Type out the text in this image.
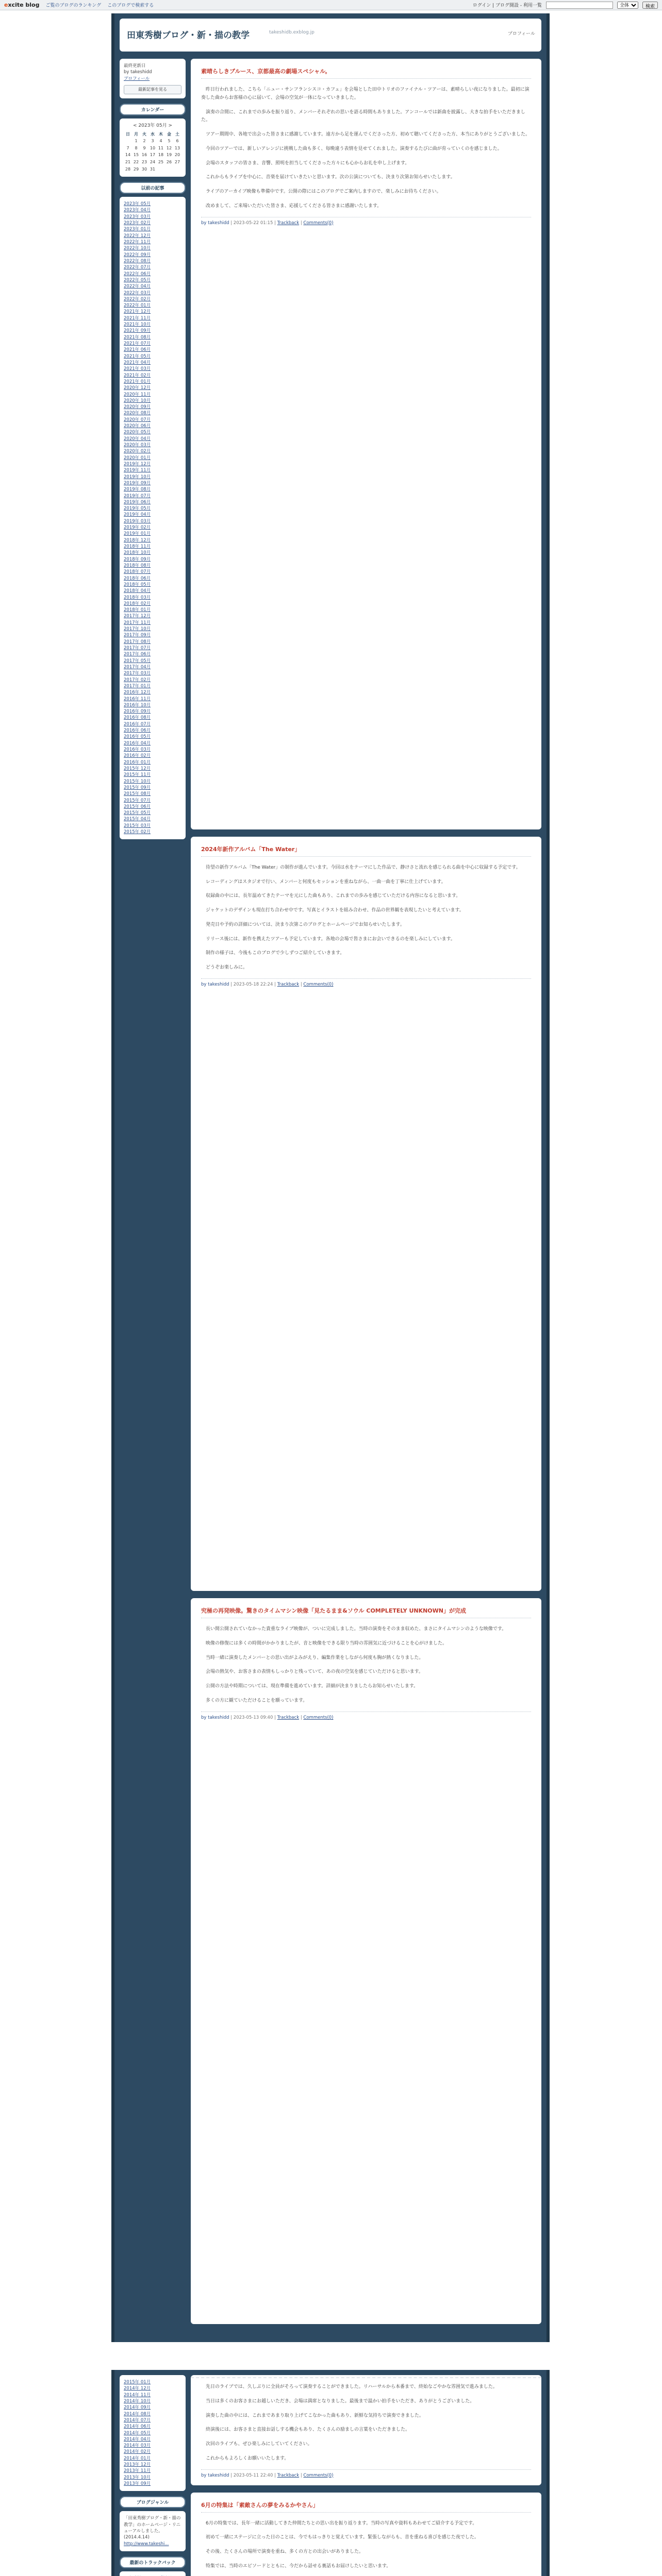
excite blog ご覧のブログのランキング このブログで検索する	ログイン | ブログ開設 - 利用一覧
全体	検索
田東秀樹ブログ・新・描の教学	takeshidb.exblog.jp	プロフィール
最終更新日
by takeshidd
プロフィール
最新記事を見る
カレンダー
< 2023年 05月 >
日	月	火	水	木	金	土
	1	2	3	4	5	6
7	8	9	10	11	12	13
14	15	16	17	18	19	20
21	22	23	24	25	26	27
28	29	30	31			
以前の記事
2023年 05月
2023年 04月
2023年 03月
2023年 02月
2023年 01月
2022年 12月
2022年 11月
2022年 10月
2022年 09月
2022年 08月
2022年 07月
2022年 06月
2022年 05月
2022年 04月
2022年 03月
2022年 02月
2022年 01月
2021年 12月
2021年 11月
2021年 10月
2021年 09月
2021年 08月
2021年 07月
2021年 06月
2021年 05月
2021年 04月
2021年 03月
2021年 02月
2021年 01月
2020年 12月
2020年 11月
2020年 10月
2020年 09月
2020年 08月
2020年 07月
2020年 06月
2020年 05月
2020年 04月
2020年 03月
2020年 02月
2020年 01月
2019年 12月
2019年 11月
2019年 10月
2019年 09月
2019年 08月
2019年 07月
2019年 06月
2019年 05月
2019年 04月
2019年 03月
2019年 02月
2019年 01月
2018年 12月
2018年 11月
2018年 10月
2018年 09月
2018年 08月
2018年 07月
2018年 06月
2018年 05月
2018年 04月
2018年 03月
2018年 02月
2018年 01月
2017年 12月
2017年 11月
2017年 10月
2017年 09月
2017年 08月
2017年 07月
2017年 06月
2017年 05月
2017年 04月
2017年 03月
2017年 02月
2017年 01月
2016年 12月
2016年 11月
2016年 10月
2016年 09月
2016年 08月
2016年 07月
2016年 06月
2016年 05月
2016年 04月
2016年 03月
2016年 02月
2016年 01月
2015年 12月
2015年 11月
2015年 10月
2015年 09月
2015年 08月
2015年 07月
2015年 06月
2015年 05月
2015年 04月
2015年 03月
2015年 02月
素晴らしきブルース、京都最高の劇場スペシャル。

昨日行われました、こちら「ニュー・サンフランシスコ・カフェ」を会場とした田中トリオのファイナル・ツアーは、素晴らしい夜になりました。最初に演奏した曲からお客様の心に届いて、会場の空気が一体になっていきました。

演奏の合間に、これまでの歩みを振り返り、メンバーそれぞれの思いを語る時間もありました。アンコールでは新曲を披露し、大きな拍手をいただきました。

ツアー期間中、各地で出会った皆さまに感謝しています。遠方から足を運んでくださった方、初めて聴いてくださった方、本当にありがとうございました。

今回のツアーでは、新しいアレンジに挑戦した曲も多く、毎晩違う表情を見せてくれました。演奏するたびに曲が育っていくのを感じました。

会場のスタッフの皆さま、音響、照明を担当してくださった方々にも心からお礼を申し上げます。

これからもライブを中心に、音楽を届けていきたいと思います。次の公演についても、決まり次第お知らせいたします。

ライブのアーカイブ映像も準備中です。公開の際にはこのブログでご案内しますので、楽しみにお待ちください。

改めまして、ご来場いただいた皆さま、応援してくださる皆さまに感謝いたします。

by takeshidd | 2023-05-22 01:15 | Trackback | Comments(0)
2024年新作アルバム「The Water」

待望の新作アルバム「The Water」の制作が進んでいます。今回は水をテーマにした作品で、静けさと流れを感じられる曲を中心に収録する予定です。

レコーディングはスタジオで行い、メンバーと何度もセッションを重ねながら、一曲一曲を丁寧に仕上げています。

収録曲の中には、長年温めてきたテーマを元にした曲もあり、これまでの歩みを感じていただける内容になると思います。

ジャケットのデザインも現在打ち合わせ中です。写真とイラストを組み合わせ、作品の世界観を表現したいと考えています。

発売日や予約の詳細については、決まり次第このブログとホームページでお知らせいたします。

リリース後には、新作を携えたツアーも予定しています。各地の会場で皆さまにお会いできるのを楽しみにしています。

制作の様子は、今後もこのブログで少しずつご紹介していきます。

どうぞお楽しみに。

by takeshidd | 2023-05-18 22:24 | Trackback | Comments(0)
究極の再発映像。驚きのタイムマシン映像「見たるまま&ソウル COMPLETELY UNKNOWN」が完成

長い間公開されていなかった貴重なライブ映像が、ついに完成しました。当時の演奏をそのまま収めた、まさにタイムマシンのような映像です。

映像の修復には多くの時間がかかりましたが、音と映像をできる限り当時の雰囲気に近づけることを心がけました。

当時一緒に演奏したメンバーとの思い出がよみがえり、編集作業をしながら何度も胸が熱くなりました。

会場の熱気や、お客さまの表情もしっかりと残っていて、あの夜の空気を感じていただけると思います。

公開の方法や時期については、現在準備を進めています。詳細が決まりましたらお知らせいたします。

多くの方に観ていただけることを願っています。

by takeshidd | 2023-05-13 09:40 | Trackback | Comments(0)
2015年 01月
2014年 12月
2014年 11月
2014年 10月
2014年 09月
2014年 08月
2014年 07月
2014年 06月
2014年 05月
2014年 04月
2014年 03月
2014年 02月
2014年 01月
2013年 12月
2013年 11月
2013年 10月
2013年 09月
ブログジャンル
「田東秀樹ブログ・新・描の教学」のホームページ・リニューアルしました。(2014.4.14)
http://www.takeshi...
最新のトラックバック

先日のライブでは、久しぶりに全員がそろって演奏することができました。リハーサルから本番まで、終始なごやかな雰囲気で進みました。

当日は多くのお客さまにお越しいただき、会場は満席となりました。最後まで温かい拍手をいただき、ありがとうございました。

演奏した曲の中には、これまであまり取り上げてこなかった曲もあり、新鮮な気持ちで演奏できました。

終演後には、お客さまと直接お話しする機会もあり、たくさんの励ましの言葉をいただきました。

次回のライブも、ぜひ楽しみにしていてください。

これからもよろしくお願いいたします。

by takeshidd | 2023-05-11 22:40 | Trackback | Comments(0)
6月の特集は「素敵さんの夢をみるかやさん」

6月の特集では、長年一緒に活動してきた仲間たちとの思い出を振り返ります。当時の写真や資料もあわせてご紹介する予定です。

初めて一緒にステージに立った日のことは、今でもはっきりと覚えています。緊張しながらも、音を重ねる喜びを感じた夜でした。

その後、たくさんの場所で演奏を重ね、多くの方との出会いがありました。

特集では、当時のエピソードとともに、今だから話せる裏話もお届けしたいと思います。
